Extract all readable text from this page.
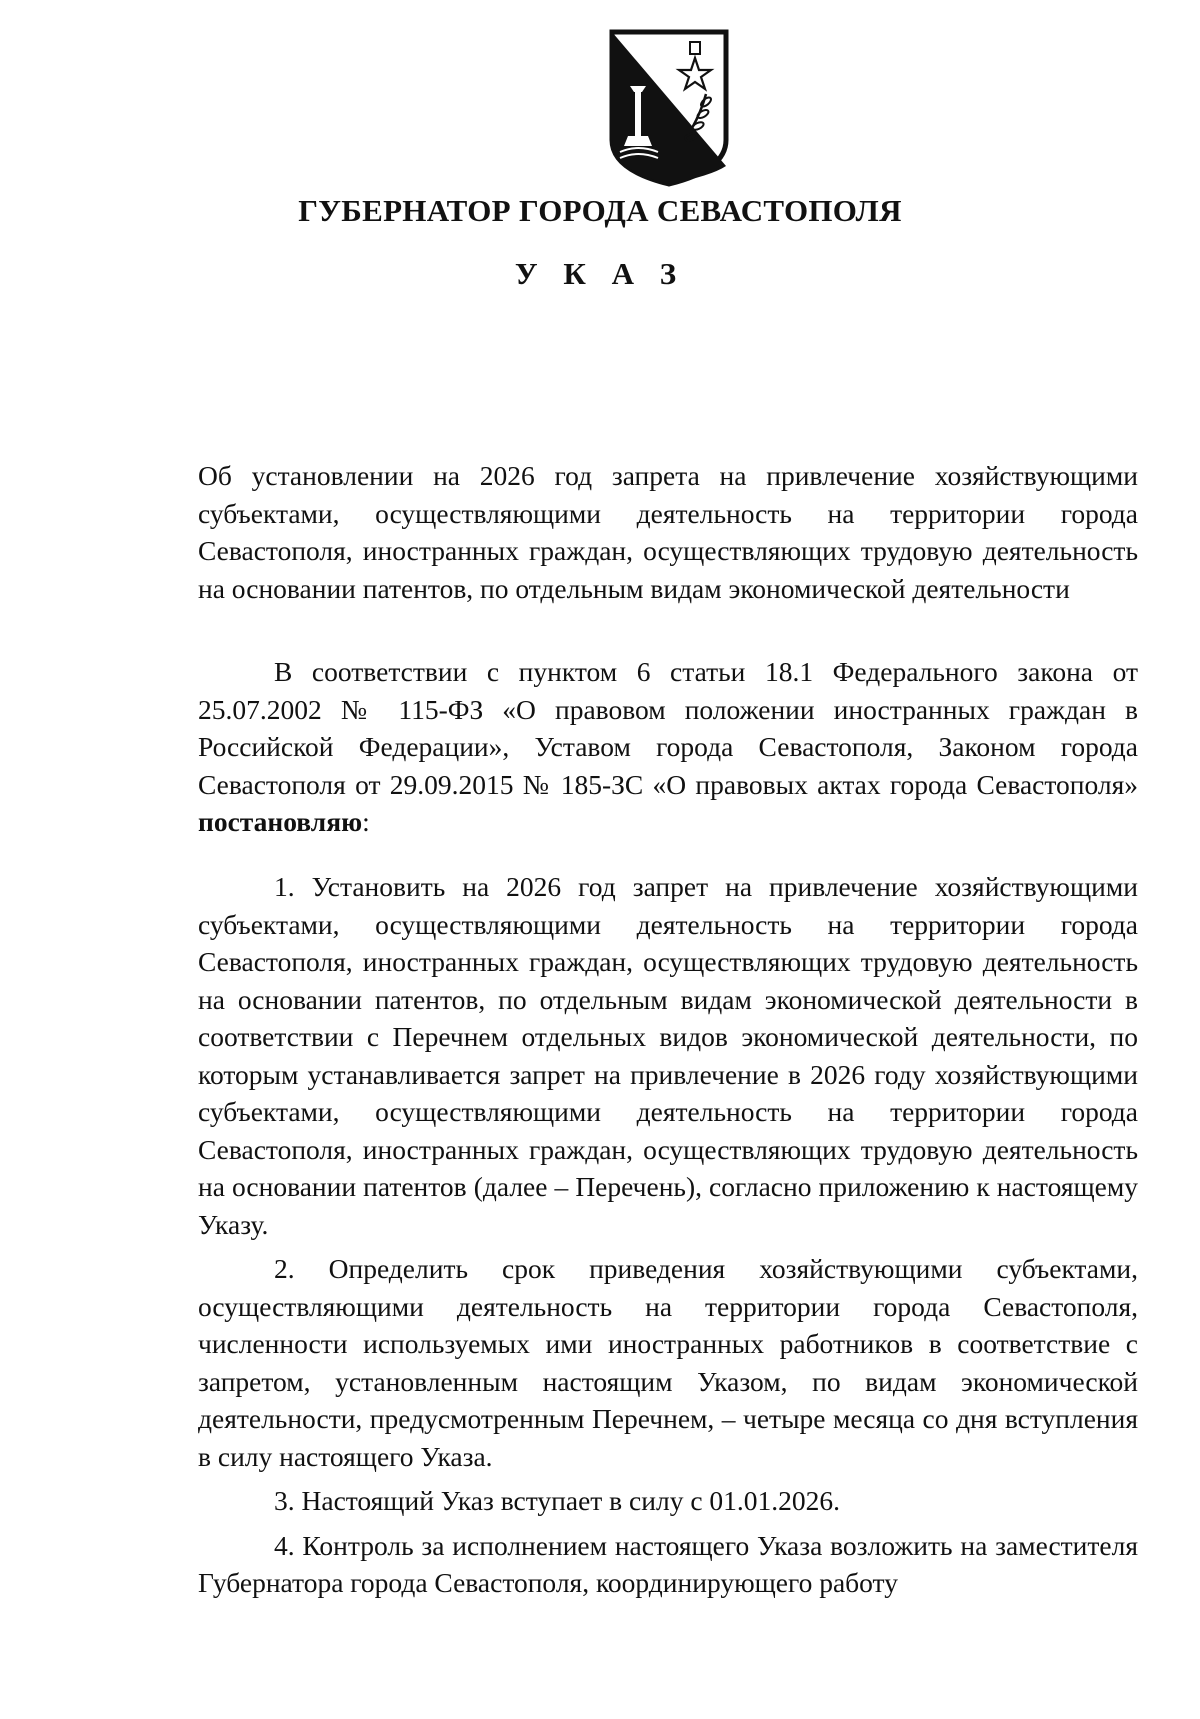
ГУБЕРНАТОР ГОРОДА СЕВАСТОПОЛЯ
У К А З
Об установлении на 2026 год запрета на привлечение хозяйствующими субъектами, осуществляющими деятельность на территории города Севастополя, иностранных граждан, осуществляющих трудовую деятельность на основании патентов, по отдельным видам экономической деятельности
В соответствии с пунктом 6 статьи 18.1 Федерального закона от 25.07.2002 № 115-ФЗ «О правовом положении иностранных граждан в Российской Федерации», Уставом города Севастополя, Законом города Севастополя от 29.09.2015 № 185-ЗС «О правовых актах города Севастополя» постановляю:

1. Установить на 2026 год запрет на привлечение хозяйствующими субъектами, осуществляющими деятельность на территории города Севастополя, иностранных граждан, осуществляющих трудовую деятельность на основании патентов, по отдельным видам экономической деятельности в соответствии с Перечнем отдельных видов экономической деятельности, по которым устанавливается запрет на привлечение в 2026 году хозяйствующими субъектами, осуществляющими деятельность на территории города Севастополя, иностранных граждан, осуществляющих трудовую деятельность на основании патентов (далее – Перечень), согласно приложению к настоящему Указу.

2. Определить срок приведения хозяйствующими субъектами, осуществляющими деятельность на территории города Севастополя, численности используемых ими иностранных работников в соответствие с запретом, установленным настоящим Указом, по видам экономической деятельности, предусмотренным Перечнем, – четыре месяца со дня вступления в силу настоящего Указа.

3. Настоящий Указ вступает в силу с 01.01.2026.

4. Контроль за исполнением настоящего Указа возложить на заместителя Губернатора города Севастополя, координирующего работу
